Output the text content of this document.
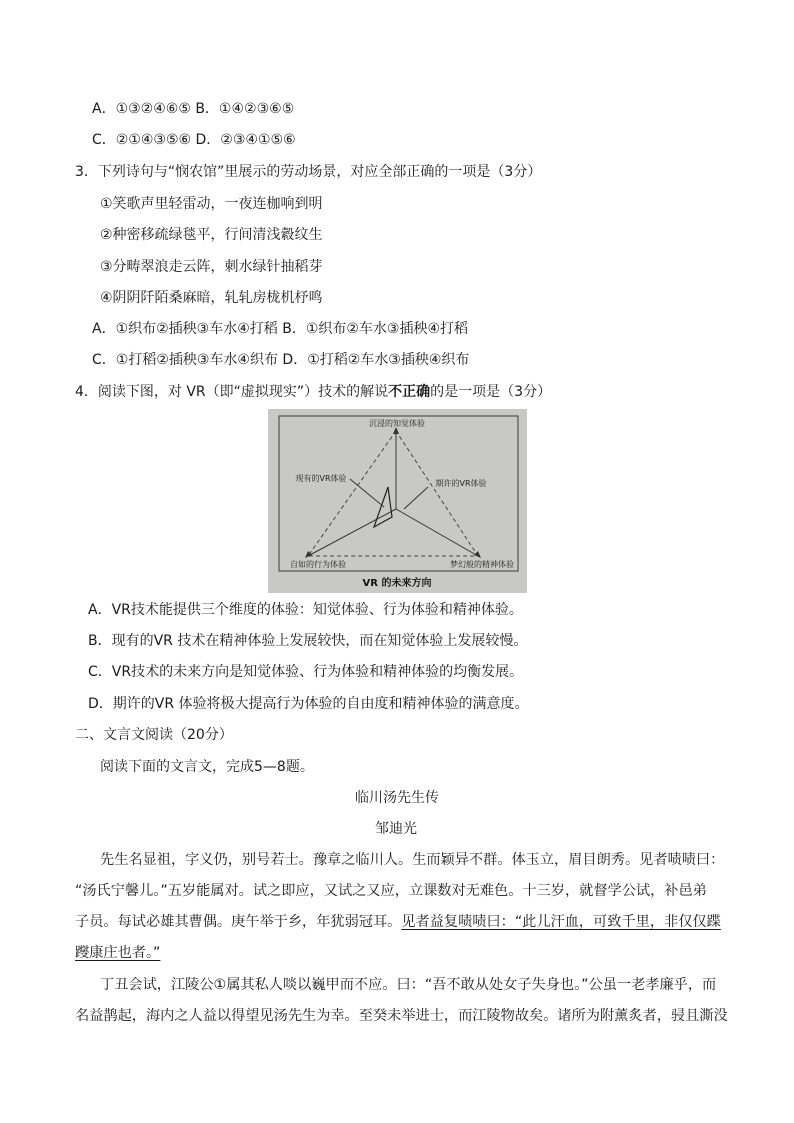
A．①③②④⑥⑤ B．①④②③⑥⑤
C．②①④③⑤⑥ D．②③④①⑤⑥
3．下列诗句与“悯农馆”里展示的劳动场景，对应全部正确的一项是（3分）
①笑歌声里轻雷动，一夜连枷响到明
②种密移疏绿毯平，行间清浅縠纹生
③分畴翠浪走云阵，刺水绿针抽稻芽
④阴阴阡陌桑麻暗，轧轧房栊机杼鸣
A．①织布②插秧③车水④打稻 B．①织布②车水③插秧④打稻
C．①打稻②插秧③车水④织布 D．①打稻②车水③插秧④织布
4．阅读下图，对 VR（即“虚拟现实”）技术的解说不正确的是一项是（3分）
沉浸的知觉体验
现有的VR体验
期许的VR体验
自如的行为体验	梦幻般的精神体验
VR 的未来方向
A．VR技术能提供三个维度的体验：知觉体验、行为体验和精神体验。
B．现有的VR 技术在精神体验上发展较快，而在知觉体验上发展较慢。
C．VR技术的未来方向是知觉体验、行为体验和精神体验的均衡发展。
D．期许的VR 体验将极大提高行为体验的自由度和精神体验的满意度。
二、文言文阅读（20分）
阅读下面的文言文，完成5—8题。
临川汤先生传
邹迪光
先生名显祖，字义仍，别号若士。豫章之临川人。生而颖异不群。体玉立，眉目朗秀。见者啧啧曰：
“汤氏宁馨儿。”五岁能属对。试之即应，又试之又应，立课数对无难色。十三岁，就督学公试，补邑弟
子员。每试必雄其曹偶。庚午举于乡，年犹弱冠耳。见者益复啧啧曰：“此儿汗血，可致千里，非仅仅蹀
躞康庄也者。”
丁丑会试，江陵公①属其私人啖以巍甲而不应。曰：“吾不敢从处女子失身也。”公虽一老孝廉乎，而
名益鹊起，海内之人益以得望见汤先生为幸。至癸未举进士，而江陵物故矣。诸所为附薰炙者，骎且澌没
